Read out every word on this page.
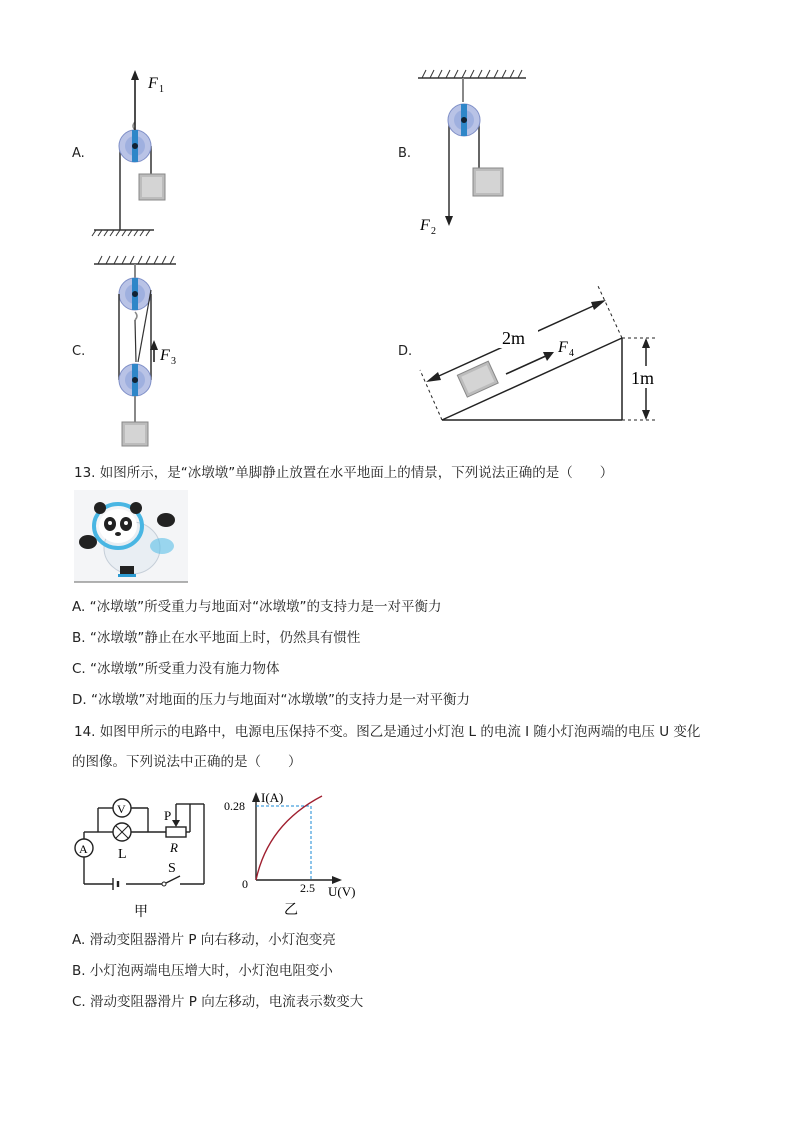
A.
F 1
B.
F 2
C.	F 3
D.
2m F 4
1m
13. 如图所示，是“冰墩墩”单脚静止放置在水平地面上的情景，下列说法正确的是（　　）
A. “冰墩墩”所受重力与地面对“冰墩墩”的支持力是一对平衡力
B. “冰墩墩”静止在水平地面上时，仍然具有惯性
C. “冰墩墩”所受重力没有施力物体
D. “冰墩墩”对地面的压力与地面对“冰墩墩”的支持力是一对平衡力
14. 如图甲所示的电路中，电源电压保持不变。图乙是通过小灯泡 L 的电流 I 随小灯泡两端的电压 U 变化
的图像。下列说法中正确的是（　　）
S
A
V
L
P
R
甲
I(A)
U(V)
0
0.28
2.5
乙
A. 滑动变阻器滑片 P 向右移动，小灯泡变亮
B. 小灯泡两端电压增大时，小灯泡电阻变小
C. 滑动变阻器滑片 P 向左移动，电流表示数变大
